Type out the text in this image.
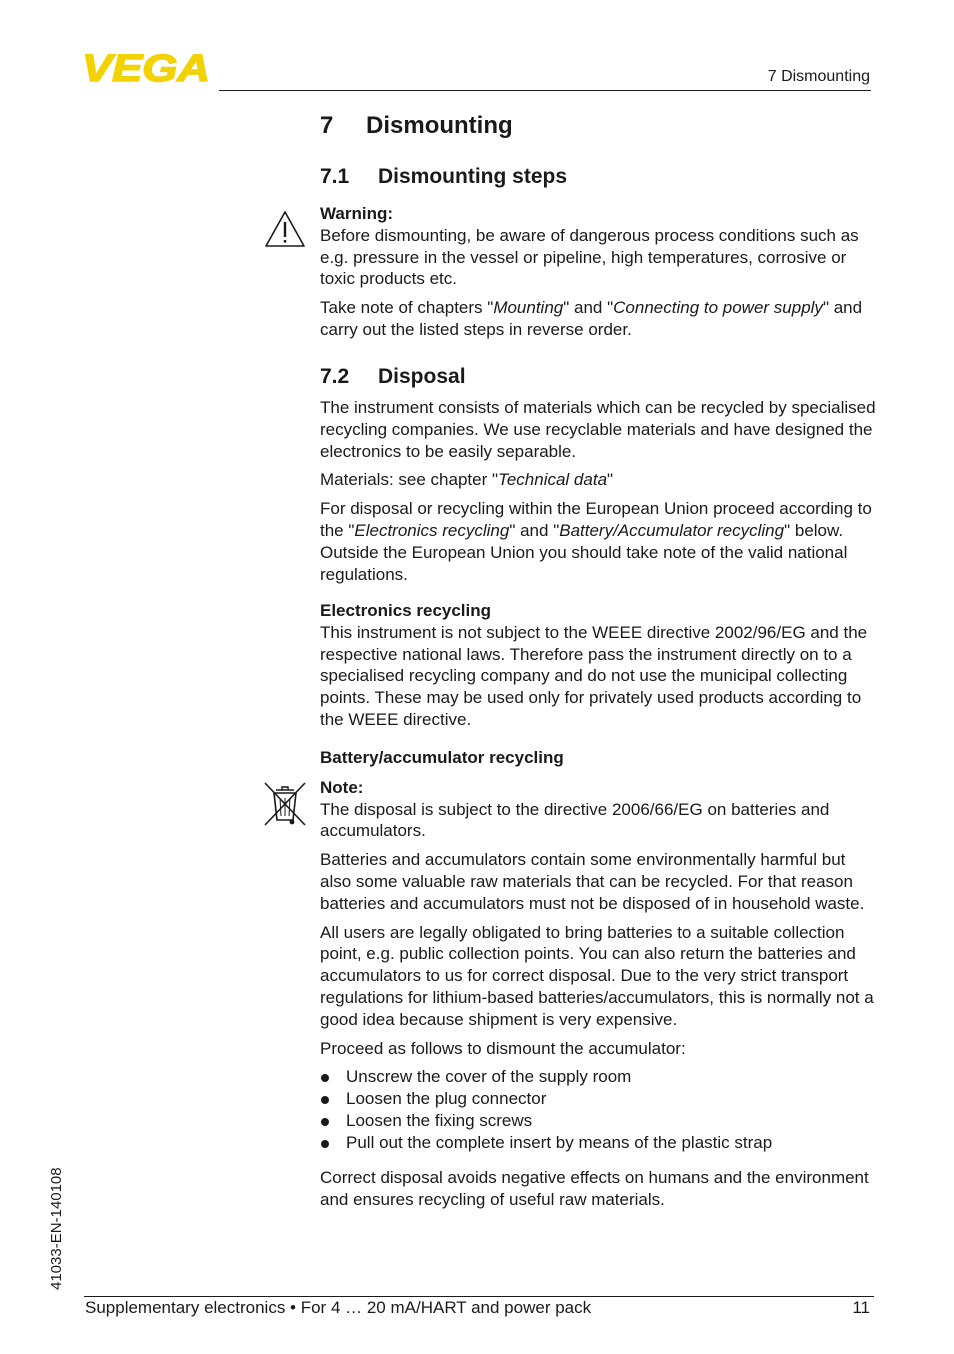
VEGA	7 Dismounting
7 Dismounting
7.1 Dismounting steps

Warning:

Before dismounting, be aware of dangerous process conditions such as e.g. pressure in the vessel or pipeline, high temperatures, corrosive or toxic products etc.

Take note of chapters "Mounting" and "Connecting to power supply" and carry out the listed steps in reverse order.

7.2 Disposal

The instrument consists of materials which can be recycled by specialised recycling companies. We use recyclable materials and have designed the electronics to be easily separable.

Materials: see chapter "Technical data"

For disposal or recycling within the European Union proceed according to the "Electronics recycling" and "Battery/Accumulator recycling" below. Outside the European Union you should take note of the valid national regulations.

Electronics recycling

This instrument is not subject to the WEEE directive 2002/96/EG and the respective national laws. Therefore pass the instrument directly on to a specialised recycling company and do not use the municipal collecting points. These may be used only for privately used products according to the WEEE directive.

Battery/accumulator recycling

Note:

The disposal is subject to the directive 2006/66/EG on batteries and accumulators.

Batteries and accumulators contain some environmentally harmful but also some valuable raw materials that can be recycled. For that reason batteries and accumulators must not be disposed of in household waste.

All users are legally obligated to bring batteries to a suitable collection point, e.g. public collection points. You can also return the batteries and accumulators to us for correct disposal. Due to the very strict transport regulations for lithium-based batteries/accumulators, this is normally not a good idea because shipment is very expensive.

Proceed as follows to dismount the accumulator:

Unscrew the cover of the supply room
Loosen the plug connector
Loosen the fixing screws
Pull out the complete insert by means of the plastic strap

Correct disposal avoids negative effects on humans and the environment and ensures recycling of useful raw materials.

41033-EN-140108
Supplementary electronics • For 4 … 20 mA/HART and power pack	11
